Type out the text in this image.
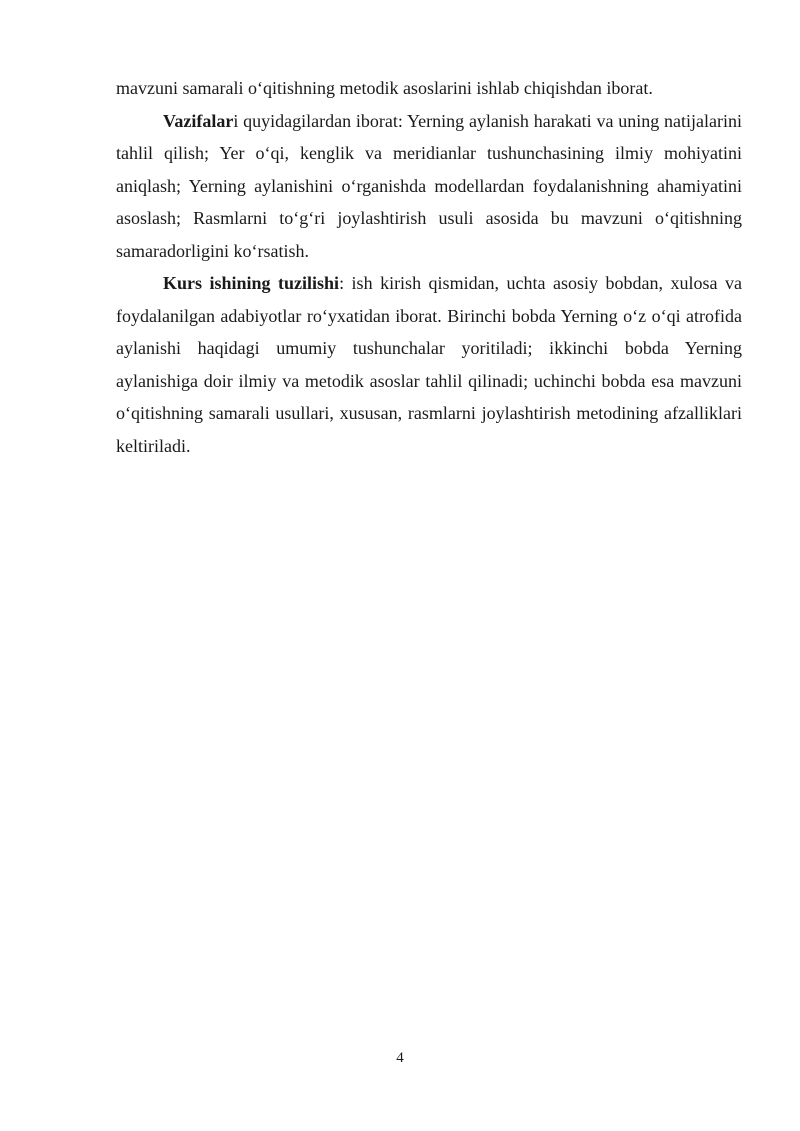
mavzuni samarali o‘qitishning metodik asoslarini ishlab chiqishdan iborat.

Vazifalari quyidagilardan iborat: Yerning aylanish harakati va uning natijalarini tahlil qilish; Yer o‘qi, kenglik va meridianlar tushunchasining ilmiy mohiyatini aniqlash; Yerning aylanishini o‘rganishda modellardan foydalanishning ahamiyatini asoslash; Rasmlarni to‘g‘ri joylashtirish usuli asosida bu mavzuni o‘qitishning samaradorligini ko‘rsatish.

Kurs ishining tuzilishi: ish kirish qismidan, uchta asosiy bobdan, xulosa va foydalanilgan adabiyotlar ro‘yxatidan iborat. Birinchi bobda Yerning o‘z o‘qi atrofida aylanishi haqidagi umumiy tushunchalar yoritiladi; ikkinchi bobda Yerning aylanishiga doir ilmiy va metodik asoslar tahlil qilinadi; uchinchi bobda esa mavzuni o‘qitishning samarali usullari, xususan, rasmlarni joylashtirish metodining afzalliklari keltiriladi.

4
